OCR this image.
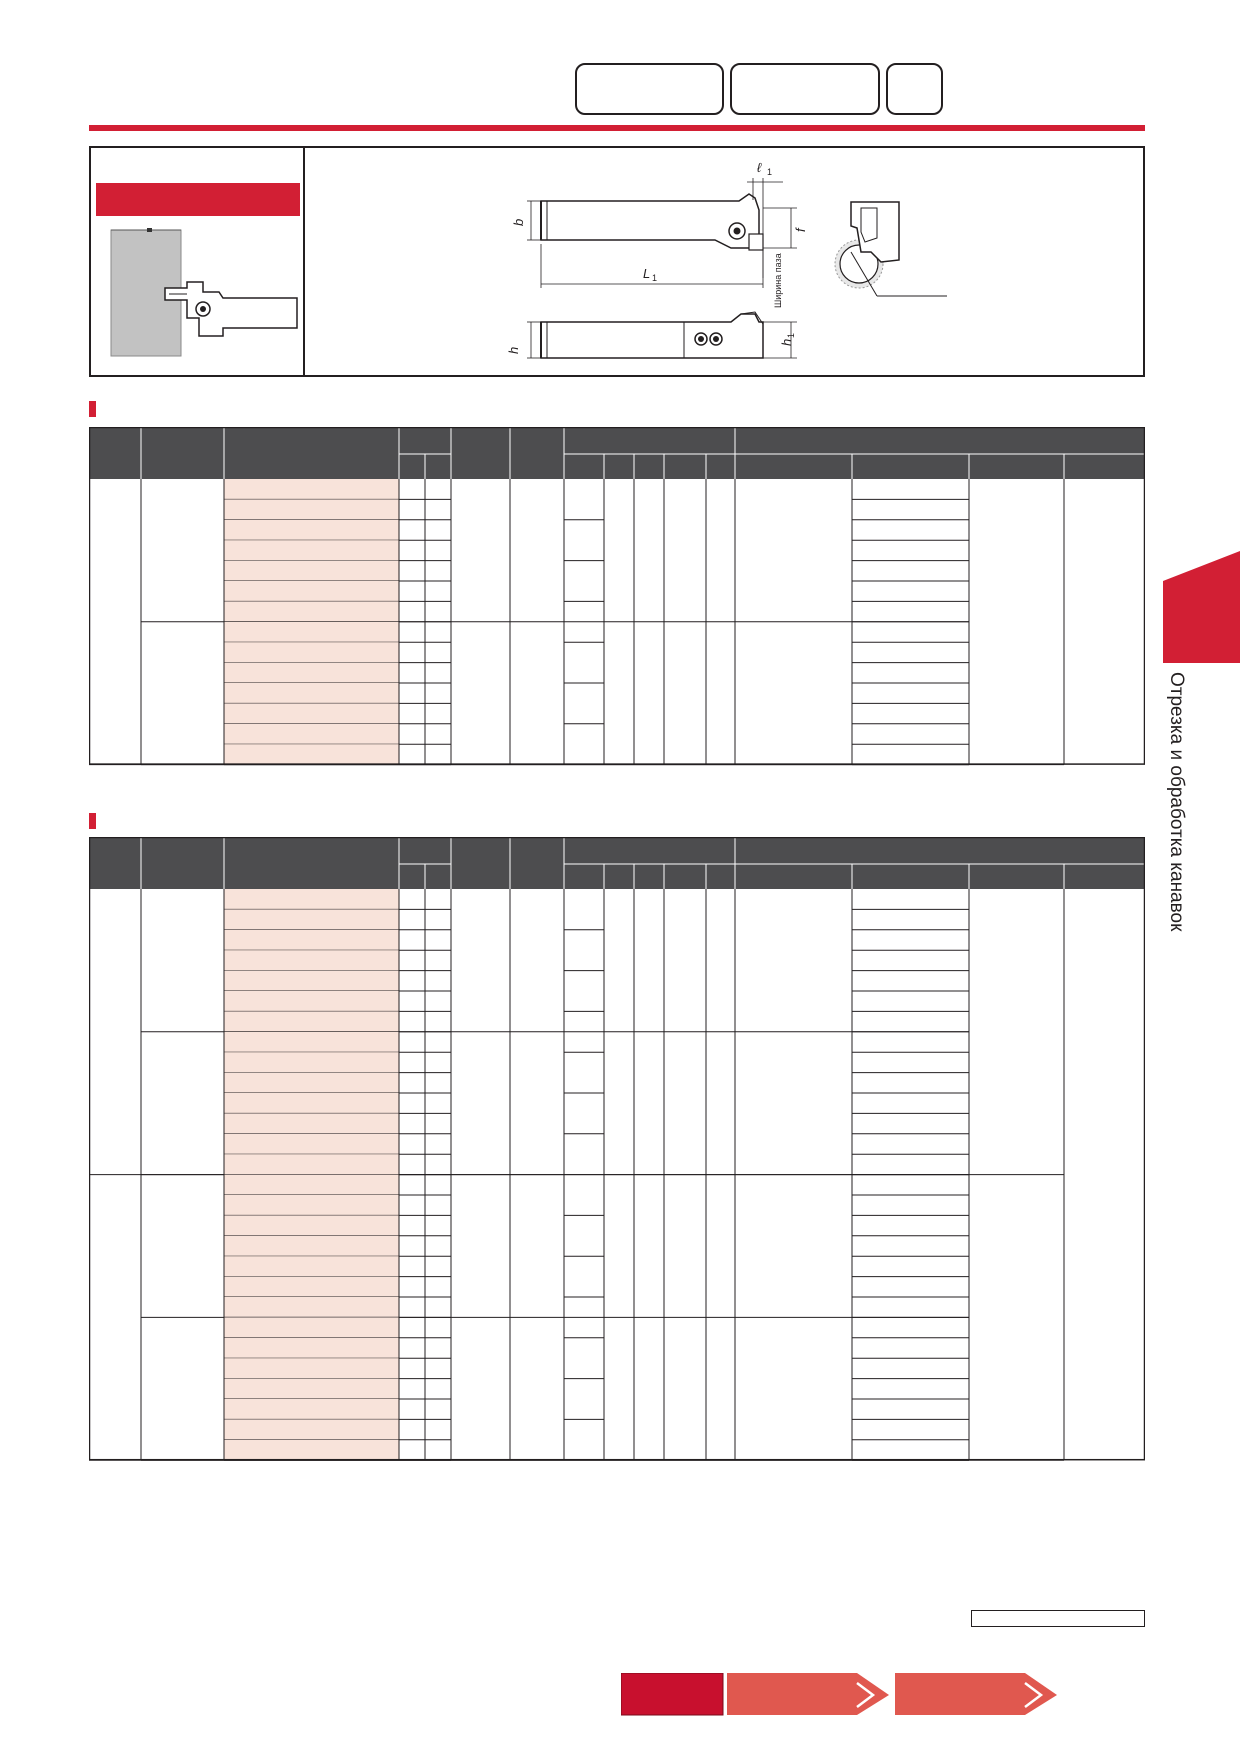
ℓ 1
b
f
L 1	Ширина паза
h
h
1
Отрезка и обработка канавок
